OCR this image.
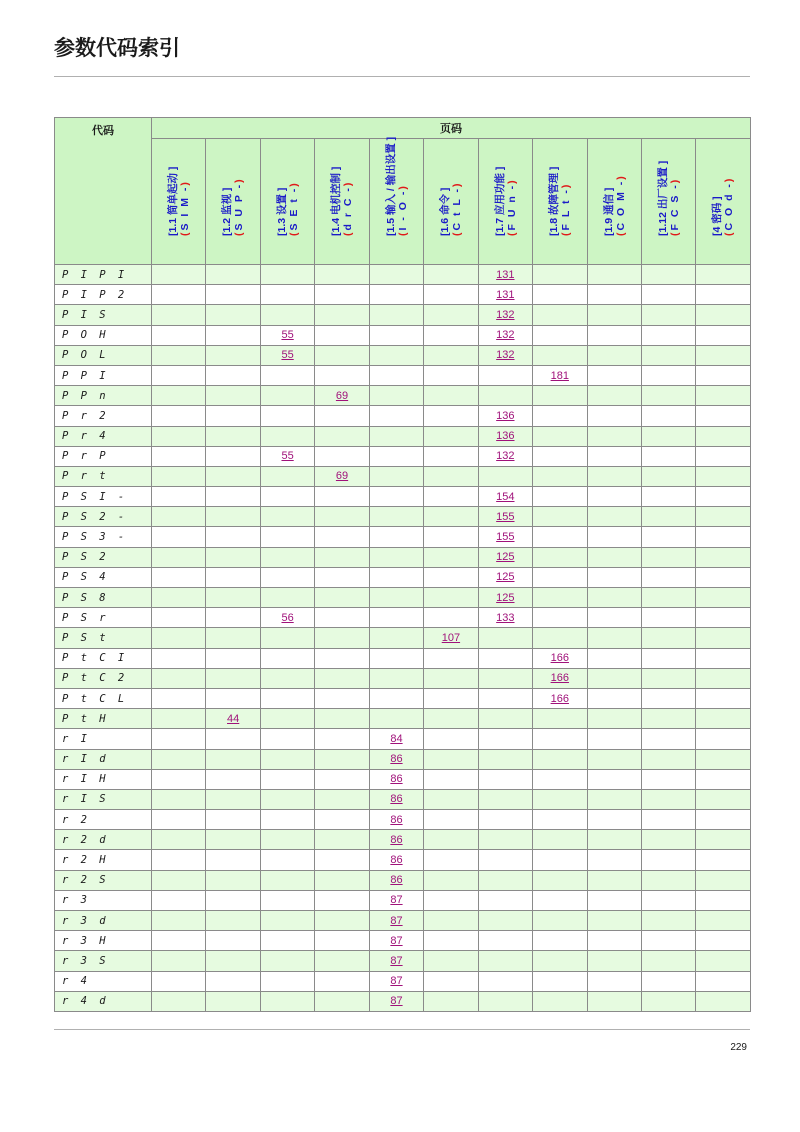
参数代码索引
代码	页码										

	[1.1 简单起动 ] (S I M -)	[1.2 监视 ] (S U P -)	[1.3 设置 ] (S E t -)	[1.4 电机控制 ] (d r C -)	[1.5 输入 / 输出设置 ] (I - O -)	[1.6 命令 ] (C t L -)	[1.7 应用功能 ] (F U n -)	[1.8 故障管理 ] (F L t -)	[1.9 通信 ] (C O M -)	[1.12 出厂设置 ] (F C S -)	[4 密码 ] (C O d -)

P I P I							131				
P I P 2							131				
P I S							132				
P O H			55				132				
P O L			55				132				
P P I								181			
P P n				69							
P r 2							136				
P r 4							136				
P r P			55				132				
P r t				69							
P S I -							154				
P S 2 -							155				
P S 3 -							155				
P S 2							125				
P S 4							125				
P S 8							125				
P S r			56				133				
P S t						107					
P t C I								166			
P t C 2								166			
P t C L								166			
P t H		44									
r I					84						
r I d					86						
r I H					86						
r I S					86						
r 2					86						
r 2 d					86						
r 2 H					86						
r 2 S					86						
r 3					87						
r 3 d					87						
r 3 H					87						
r 3 S					87						
r 4					87						
r 4 d					87						
229
